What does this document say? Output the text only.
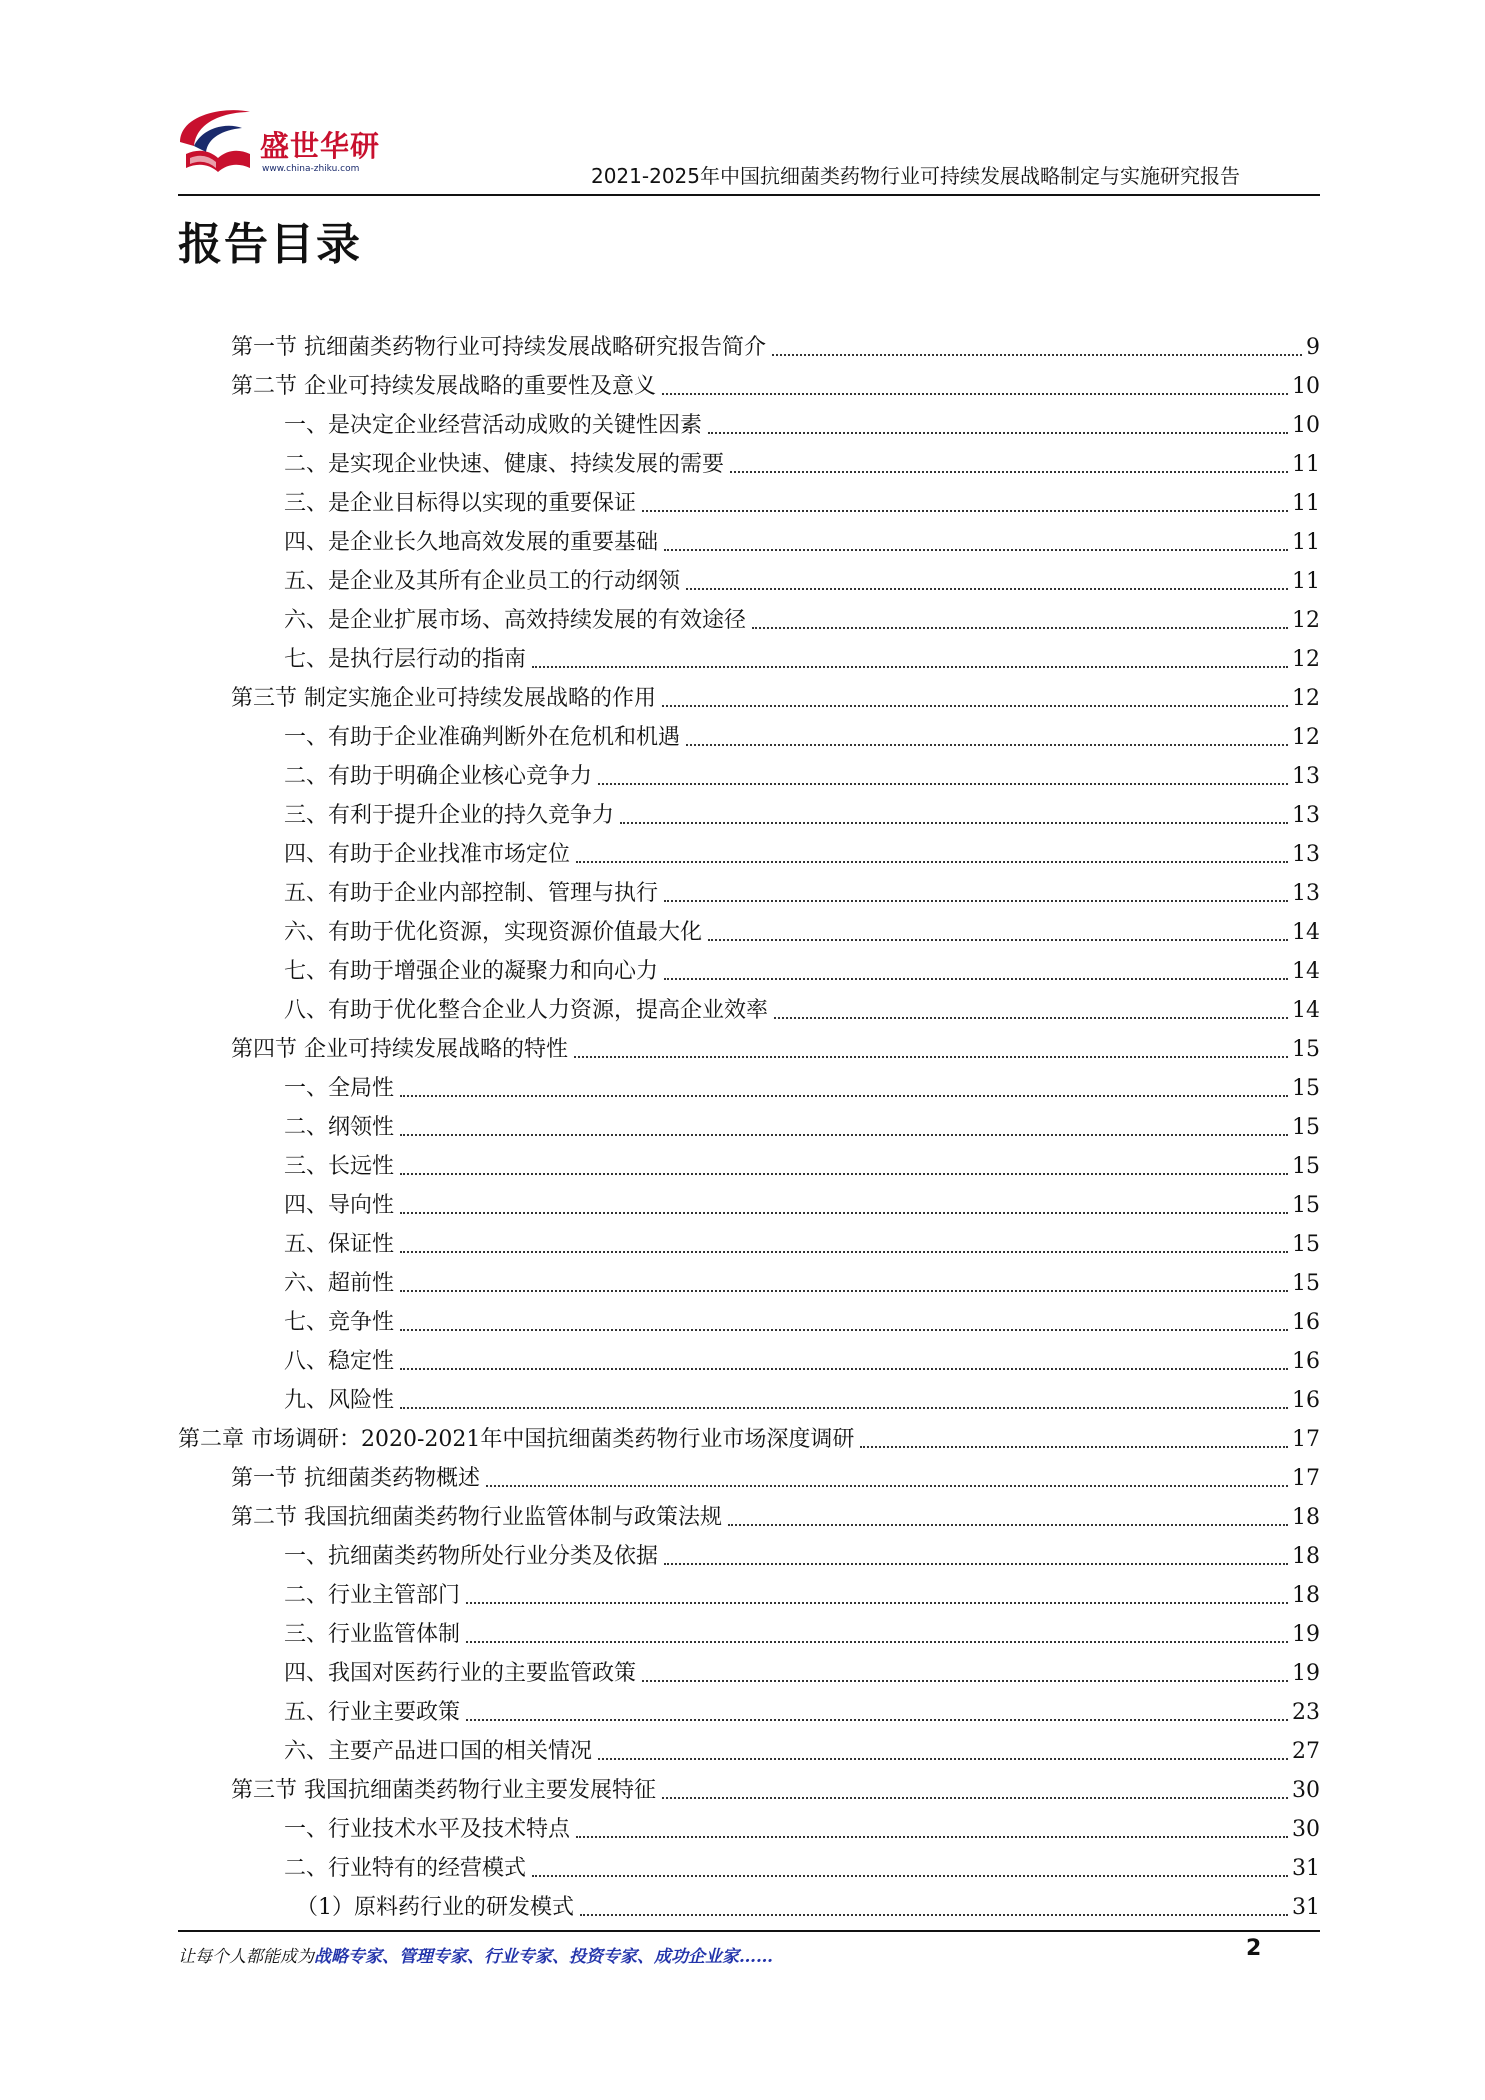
盛世华研
www.china-zhiku.com	2021-2025年中国抗细菌类药物行业可持续发展战略制定与实施研究报告
报告目录
第一节 抗细菌类药物行业可持续发展战略研究报告简介	9
第二节 企业可持续发展战略的重要性及意义	10
一、是决定企业经营活动成败的关键性因素	10
二、是实现企业快速、健康、持续发展的需要	11
三、是企业目标得以实现的重要保证	11
四、是企业长久地高效发展的重要基础	11
五、是企业及其所有企业员工的行动纲领	11
六、是企业扩展市场、高效持续发展的有效途径	12
七、是执行层行动的指南	12
第三节 制定实施企业可持续发展战略的作用	12
一、有助于企业准确判断外在危机和机遇	12
二、有助于明确企业核心竞争力	13
三、有利于提升企业的持久竞争力	13
四、有助于企业找准市场定位	13
五、有助于企业内部控制、管理与执行	13
六、有助于优化资源，实现资源价值最大化	14
七、有助于增强企业的凝聚力和向心力	14
八、有助于优化整合企业人力资源，提高企业效率	14
第四节 企业可持续发展战略的特性	15
一、全局性	15
二、纲领性	15
三、长远性	15
四、导向性	15
五、保证性	15
六、超前性	15
七、竞争性	16
八、稳定性	16
九、风险性	16
第二章 市场调研：2020-2021年中国抗细菌类药物行业市场深度调研	17
第一节 抗细菌类药物概述	17
第二节 我国抗细菌类药物行业监管体制与政策法规	18
一、抗细菌类药物所处行业分类及依据	18
二、行业主管部门	18
三、行业监管体制	19
四、我国对医药行业的主要监管政策	19
五、行业主要政策	23
六、主要产品进口国的相关情况	27
第三节 我国抗细菌类药物行业主要发展特征	30
一、行业技术水平及技术特点	30
二、行业特有的经营模式	31
（1）原料药行业的研发模式	31
让每个人都能成为战略专家、管理专家、行业专家、投资专家、成功企业家……	2
